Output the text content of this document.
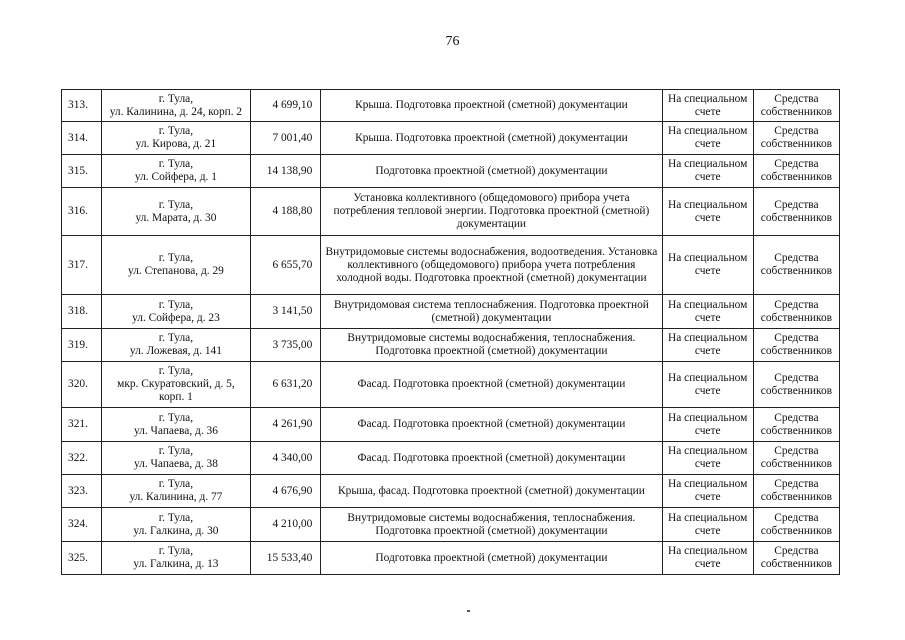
76
313.	г. Тула,
ул. Калинина, д. 24, корп. 2	4 699,10	Крыша. Подготовка проектной (сметной) документации	На специальном счете	Средства собственников
314.	г. Тула,
ул. Кирова, д. 21	7 001,40	Крыша. Подготовка проектной (сметной) документации	На специальном счете	Средства собственников
315.	г. Тула,
ул. Сойфера, д. 1	14 138,90	Подготовка проектной (сметной) документации	На специальном счете	Средства собственников
316.	г. Тула,
ул. Марата, д. 30	4 188,80	Установка коллективного (общедомового) прибора учета потребления тепловой энергии. Подготовка проектной (сметной) документации	На специальном счете	Средства собственников
317.	г. Тула,
ул. Степанова, д. 29	6 655,70	Внутридомовые системы водоснабжения, водоотведения. Установка коллективного (общедомового) прибора учета потребления холодной воды. Подготовка проектной (сметной) документации	На специальном счете	Средства собственников
318.	г. Тула,
ул. Сойфера, д. 23	3 141,50	Внутридомовая система теплоснабжения. Подготовка проектной (сметной) документации	На специальном счете	Средства собственников
319.	г. Тула,
ул. Ложевая, д. 141	3 735,00	Внутридомовые системы водоснабжения, теплоснабжения. Подготовка проектной (сметной) документации	На специальном счете	Средства собственников
320.	г. Тула,
мкр. Скуратовский, д. 5, корп. 1	6 631,20	Фасад. Подготовка проектной (сметной) документации	На специальном счете	Средства собственников
321.	г. Тула,
ул. Чапаева, д. 36	4 261,90	Фасад. Подготовка проектной (сметной) документации	На специальном счете	Средства собственников
322.	г. Тула,
ул. Чапаева, д. 38	4 340,00	Фасад. Подготовка проектной (сметной) документации	На специальном счете	Средства собственников
323.	г. Тула,
ул. Калинина, д. 77	4 676,90	Крыша, фасад. Подготовка проектной (сметной) документации	На специальном счете	Средства собственников
324.	г. Тула,
ул. Галкина, д. 30	4 210,00	Внутридомовые системы водоснабжения, теплоснабжения. Подготовка проектной (сметной) документации	На специальном счете	Средства собственников
325.	г. Тула,
ул. Галкина, д. 13	15 533,40	Подготовка проектной (сметной) документации	На специальном счете	Средства собственников
